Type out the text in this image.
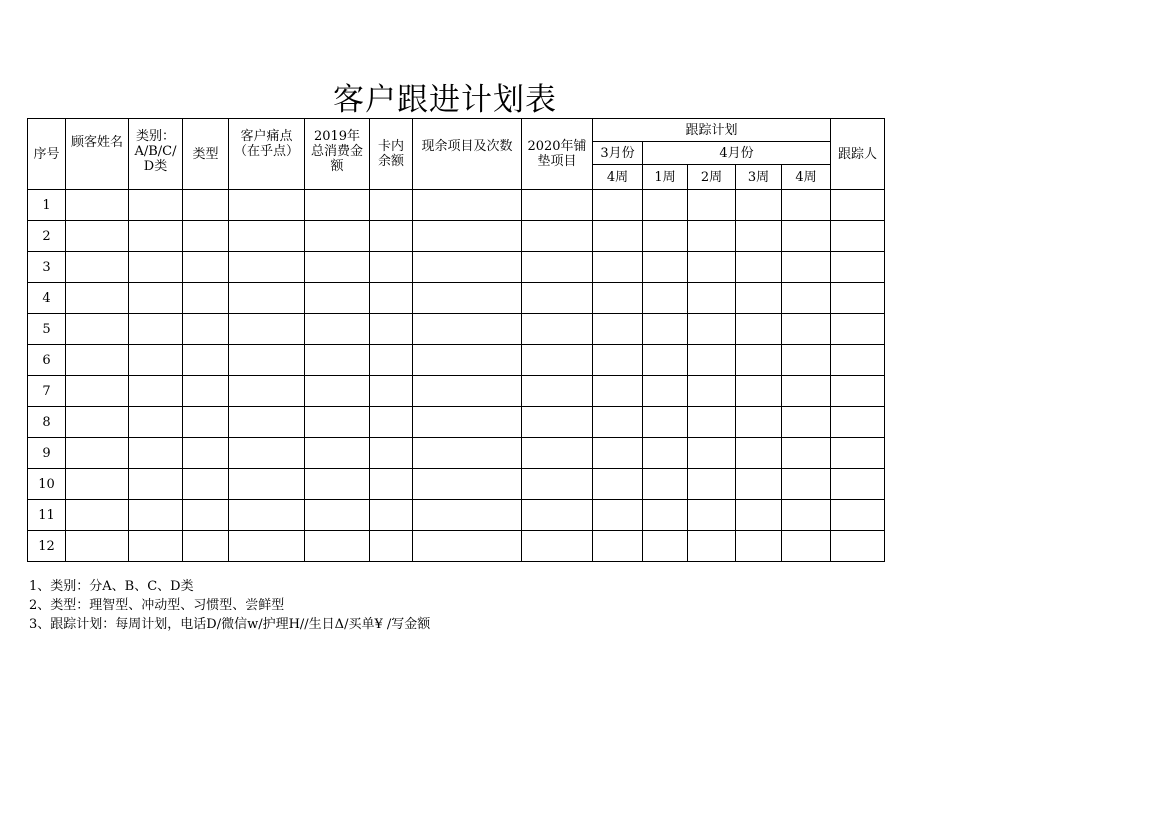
客户跟进计划表
序号	顾客姓名	类别：A/B/C/D类	类型	客户痛点（在乎点）	2019年总消费金额	卡内余额	现余项目及次数	2020年铺垫项目	跟踪计划					跟踪人
									3月份	4月份				
									4周	1周	2周	3周	4周	
1														
2														
3														
4														
5														
6														
7														
8														
9														
10														
11														
12														
1、类别：分A、B、C、D类
2、类型：理智型、冲动型、习惯型、尝鲜型
3、跟踪计划：每周计划，电话D/微信w/护理H//生日Δ/买单¥ /写金额
